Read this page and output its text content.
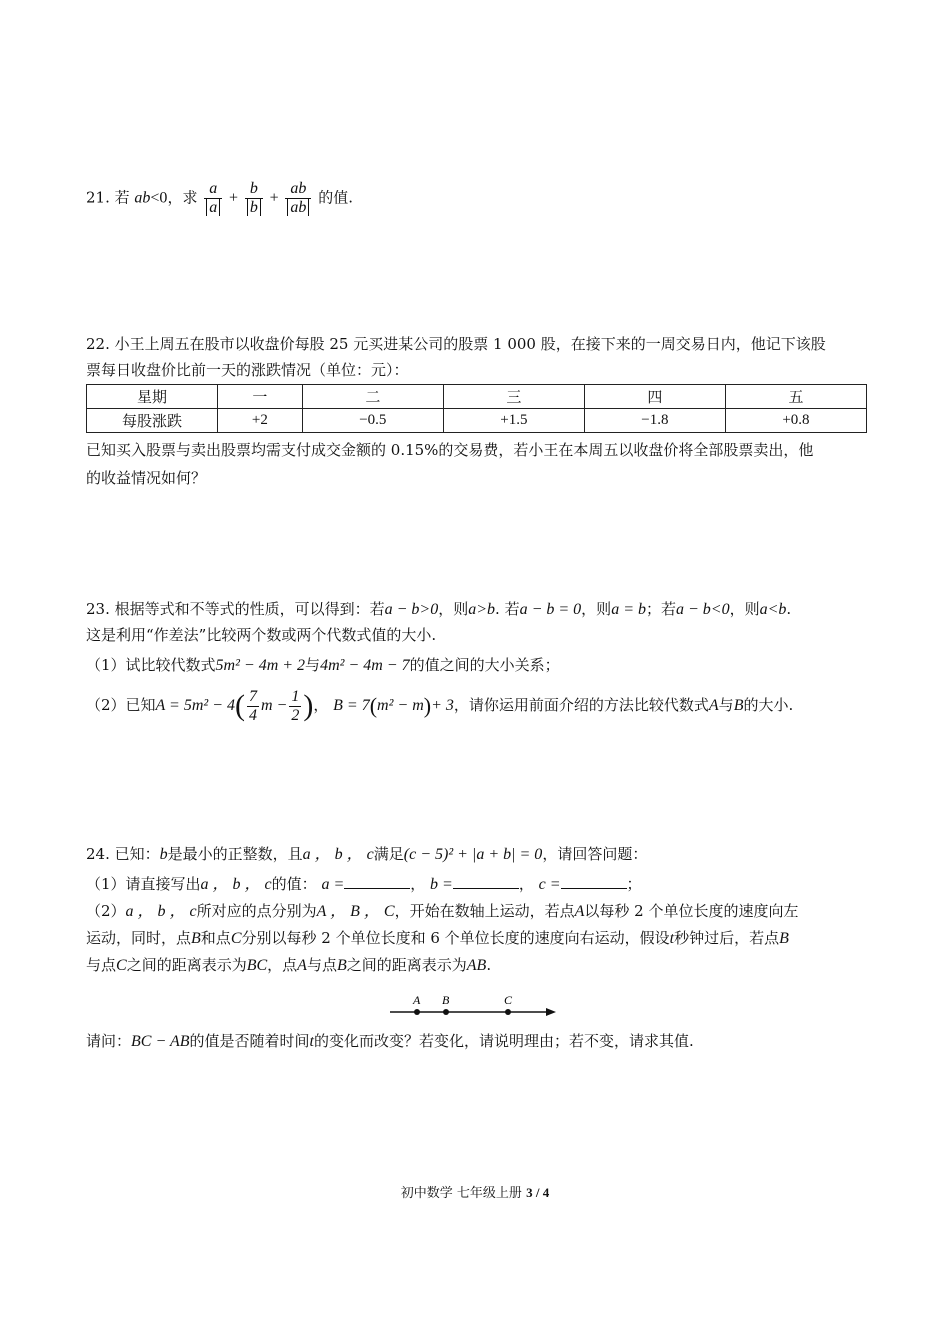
21. 若 ab<0，求 $\frac{a}{a} + \frac{b}{b} + \frac{ab}{ab}$ 的值.
22. 小王上周五在股市以收盘价每股 25 元买进某公司的股票 1 000 股，在接下来的一周交易日内，他记下该股
票每日收盘价比前一天的涨跌情况（单位：元）：
星期	一	二	三	四	五
每股涨跌	+2	−0.5	+1.5	−1.8	+0.8
已知买入股票与卖出股票均需支付成交金额的 0.15%的交易费，若小王在本周五以收盘价将全部股票卖出，他
的收益情况如何？
23. 根据等式和不等式的性质，可以得到：若a − b>0，则a>b. 若a − b = 0，则a = b；若a − b<0，则a<b.
这是利用“作差法”比较两个数或两个代数式值的大小.
（1）试比较代数式5m² − 4m + 2与4m² − 4m − 7的值之间的大小关系；
（2）已知$A = 5m^2 - 4( \frac{7}{4}$ $m - \frac{1}{2}$ )， B = 7(m² − m)+ 3，请你运用前面介绍的方法比较代数式A与B的大小.
24. 已知：b是最小的正整数，且a ， b ， c满足(c − 5)² + |a + b| = 0，请回答问题：
（1）请直接写出a ， b ， c的值： a =	， b =	， c =	；
（2）a ， b ， c所对应的点分别为A ， B ， C，开始在数轴上运动，若点A以每秒 2 个单位长度的速度向左
运动，同时，点B和点C分别以每秒 2 个单位长度和 6 个单位长度的速度向右运动，假设t秒钟过后，若点B
与点C之间的距离表示为BC，点A与点B之间的距离表示为AB.
A B	C
请问：BC − AB的值是否随着时间t的变化而改变？若变化，请说明理由；若不变，请求其值.
初中数学 七年级上册 3 / 4
